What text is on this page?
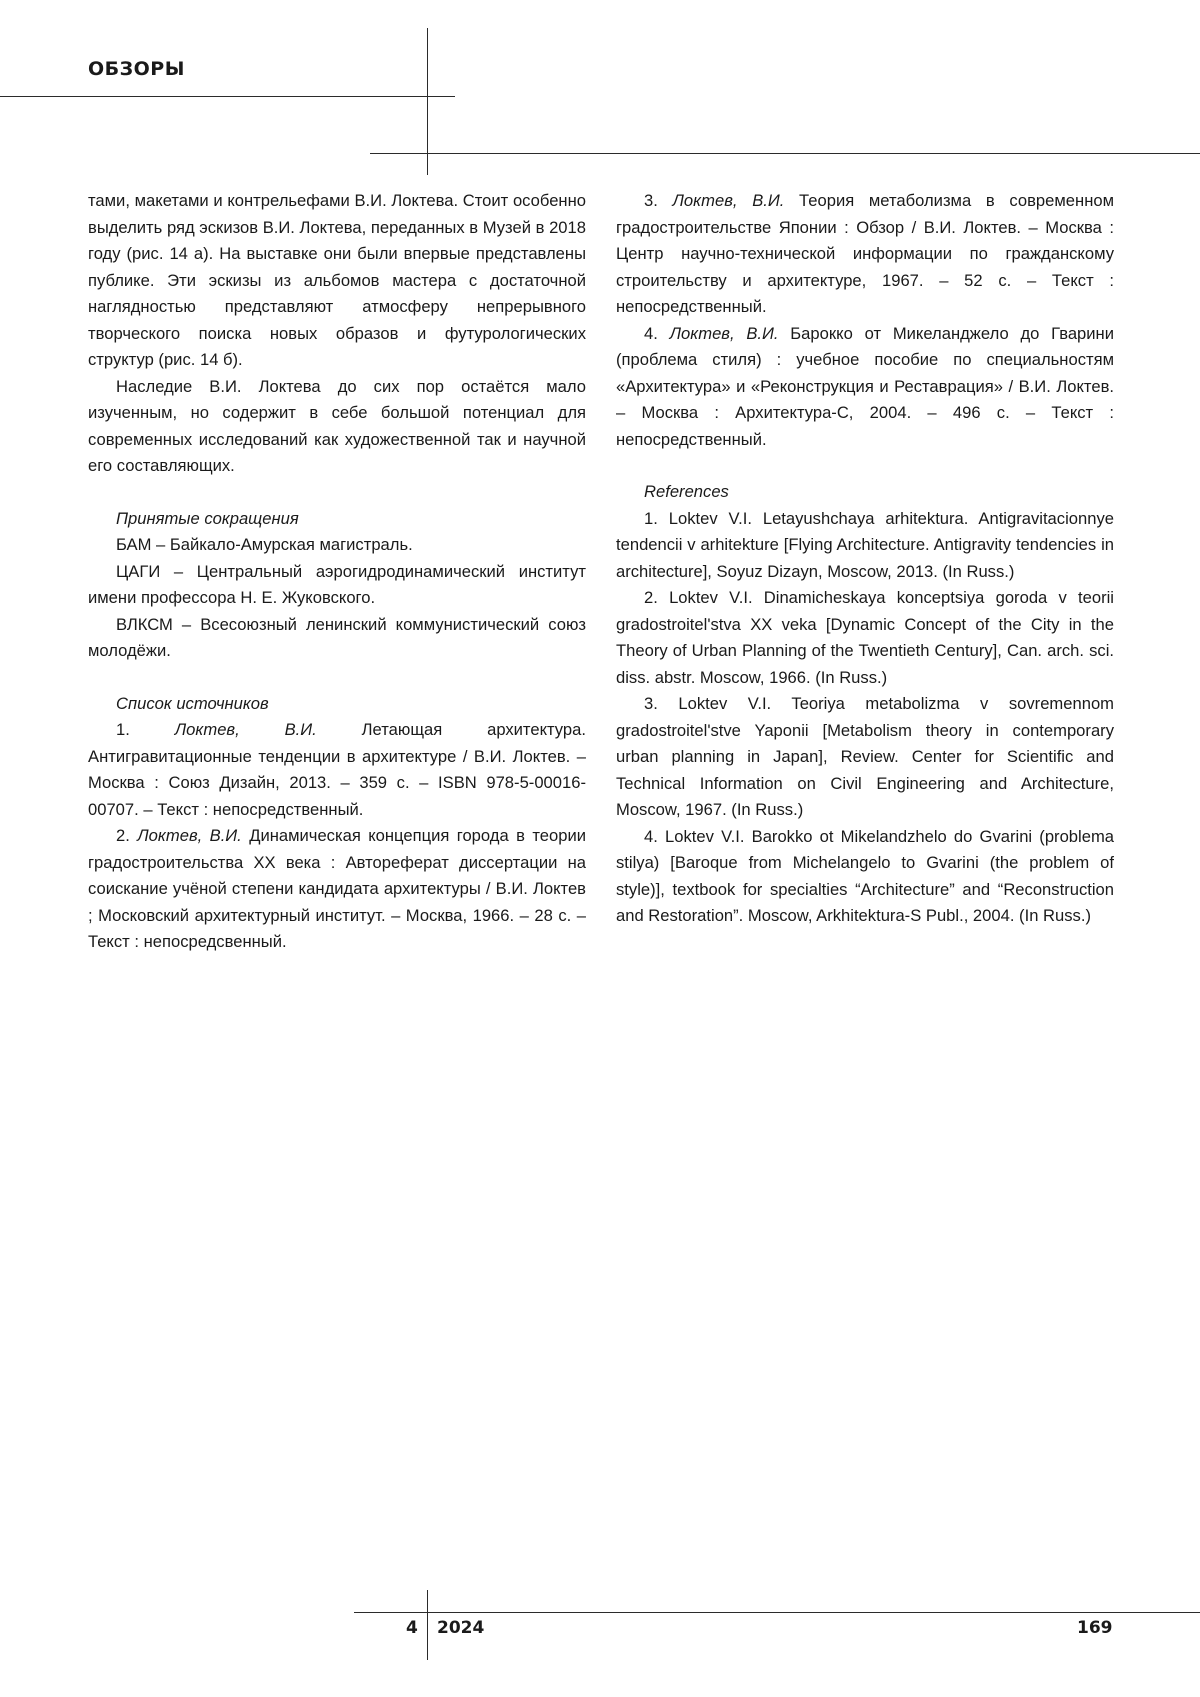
ОБЗОРЫ

тами, макетами и контрельефами В.И. Локтева. Стоит особенно выделить ряд эскизов В.И. Локтева, переданных в Музей в 2018 году (рис. 14 а). На выставке они были впервые представлены публике. Эти эскизы из альбомов мастера с достаточной наглядностью представляют атмосферу непрерывного творческого поиска новых образов и футурологических структур (рис. 14 б).

Наследие В.И. Локтева до сих пор остаётся мало изученным, но содержит в себе большой потенциал для современных исследований как художественной так и научной его составляющих.

Принятые сокращения

БАМ – Байкало-Амурская магистраль.

ЦАГИ – Центральный аэрогидродинамический институт имени профессора Н. Е. Жуковского.

ВЛКСМ – Всесоюзный ленинский коммунистический союз молодёжи.

Список источников

1.	Локтев, В.И. Летающая архитектура. Антигравитационные тенденции в архитектуре / В.И. Локтев. – Москва : Союз Дизайн, 2013. – 359 с. – ISBN 978-5-00016-00707. – Текст : непосредственный.

2. Локтев, В.И. Динамическая концепция города в теории градостроительства XX века : Автореферат диссертации на соискание учёной степени кандидата архитектуры / В.И. Локтев ; Московский архитектурный институт. – Москва, 1966. – 28 с. – Текст : непосредсвенный.

3. Локтев, В.И. Теория метаболизма в современном градостроительстве Японии : Обзор / В.И. Локтев. – Москва : Центр научно-технической информации по гражданскому строительству и архитектуре, 1967. – 52 с. – Текст : непосредственный.

4. Локтев, В.И. Барокко от Микеланджело до Гварини (проблема стиля) : учебное пособие по специальностям «Архитектура» и «Реконструкция и Реставрация» / В.И. Локтев. – Москва : Архитектура-С, 2004. – 496 с. – Текст : непосредственный.

References

1. Loktev V.I. Letayushchaya arhitektura. Antigravitacionnye tendencii v arhitekture [Flying Architecture. Antigravity tendencies in architecture], Soyuz Dizayn, Moscow, 2013. (In Russ.)

2. Loktev V.I. Dinamicheskaya konceptsiya goroda v teorii gradostroitel'stva XX veka [Dynamic Concept of the City in the Theory of Urban Planning of the Twentieth Century], Can. arch. sci. diss. abstr. Moscow, 1966. (In Russ.)

3. Loktev V.I. Teoriya metabolizma v sovremennom gradostroitel'stve Yaponii [Metabolism theory in contemporary urban planning in Japan], Review. Center for Scientific and Technical Information on Civil Engineering and Architecture, Moscow, 1967. (In Russ.)

4. Loktev V.I. Barokko ot Mikelandzhelo do Gvarini (problema stilya) [Baroque from Michelangelo to Gvarini (the problem of style)], textbook for specialties “Architecture” and “Reconstruction and Restoration”. Moscow, Arkhitektura-S Publ., 2004. (In Russ.)

4 2024	169
